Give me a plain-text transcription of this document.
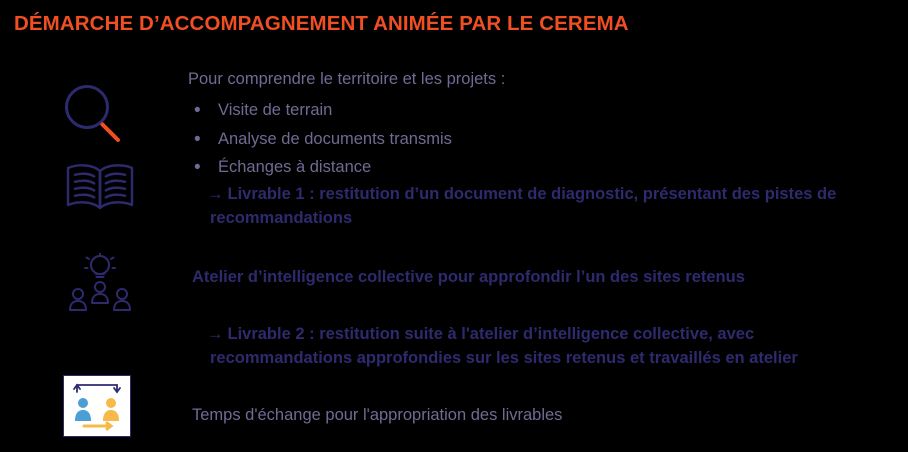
DÉMARCHE D’ACCOMPAGNEMENT ANIMÉE PAR LE CEREMA

Pour comprendre le territoire et les projets :

• Visite de terrain
• Analyse de documents transmis
• Échanges à distance

→ Livrable 1 : restitution d’un document de diagnostic, présentant des pistes de recommandations

Atelier d’intelligence collective pour approfondir l’un des sites retenus

→ Livrable 2 : restitution suite à l'atelier d’intelligence collective, avec recommandations approfondies sur les sites retenus et travaillés en atelier

Temps d'échange pour l'appropriation des livrables
